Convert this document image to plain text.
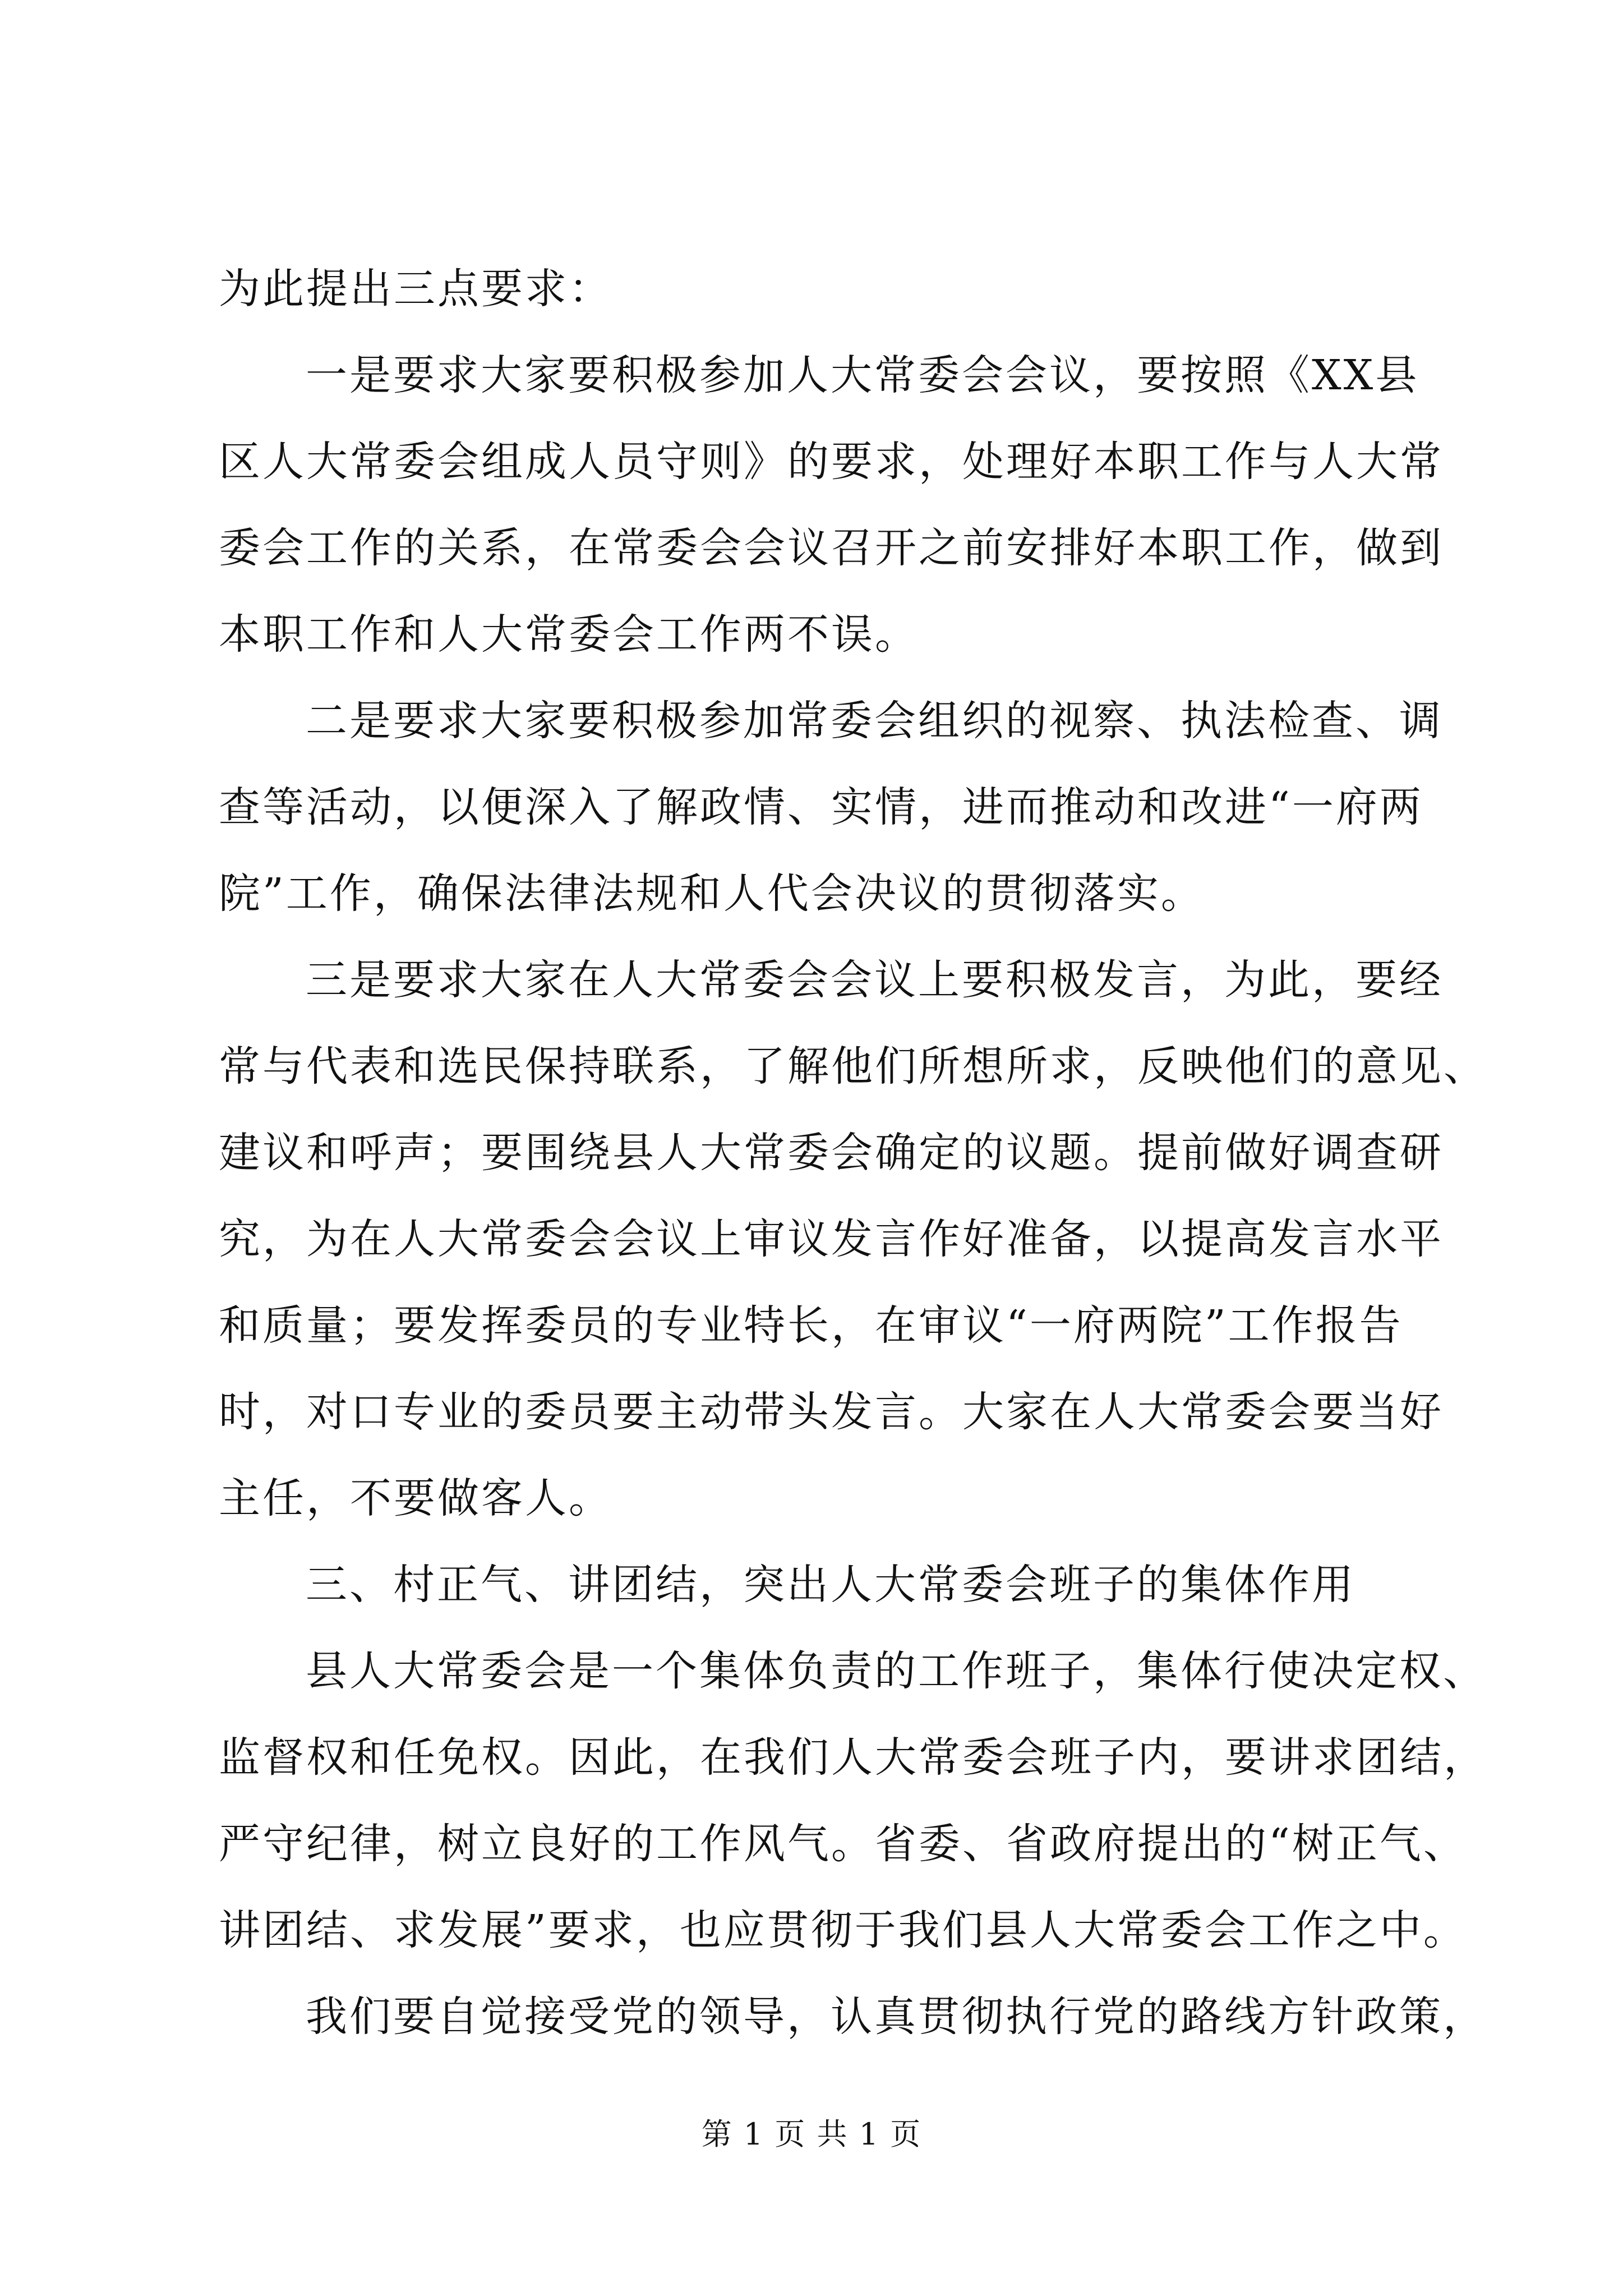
为此提出三点要求：
一是要求大家要积极参加人大常委会会议，要按照《XX县
区人大常委会组成人员守则》的要求，处理好本职工作与人大常
委会工作的关系，在常委会会议召开之前安排好本职工作，做到
本职工作和人大常委会工作两不误。
二是要求大家要积极参加常委会组织的视察、执法检查、调
查等活动，以便深入了解政情、实情，进而推动和改进“一府两
院”工作，确保法律法规和人代会决议的贯彻落实。
三是要求大家在人大常委会会议上要积极发言，为此，要经
常与代表和选民保持联系，了解他们所想所求，反映他们的意见、
建议和呼声；要围绕县人大常委会确定的议题。提前做好调查研
究，为在人大常委会会议上审议发言作好准备，以提高发言水平
和质量；要发挥委员的专业特长，在审议“一府两院”工作报告
时，对口专业的委员要主动带头发言。大家在人大常委会要当好
主任，不要做客人。
三、村正气、讲团结，突出人大常委会班子的集体作用
县人大常委会是一个集体负责的工作班子，集体行使决定权、
监督权和任免权。因此，在我们人大常委会班子内，要讲求团结，
严守纪律，树立良好的工作风气。省委、省政府提出的“树正气、
讲团结、求发展”要求，也应贯彻于我们县人大常委会工作之中。
我们要自觉接受党的领导，认真贯彻执行党的路线方针政策，
第 1 页 共 1 页
